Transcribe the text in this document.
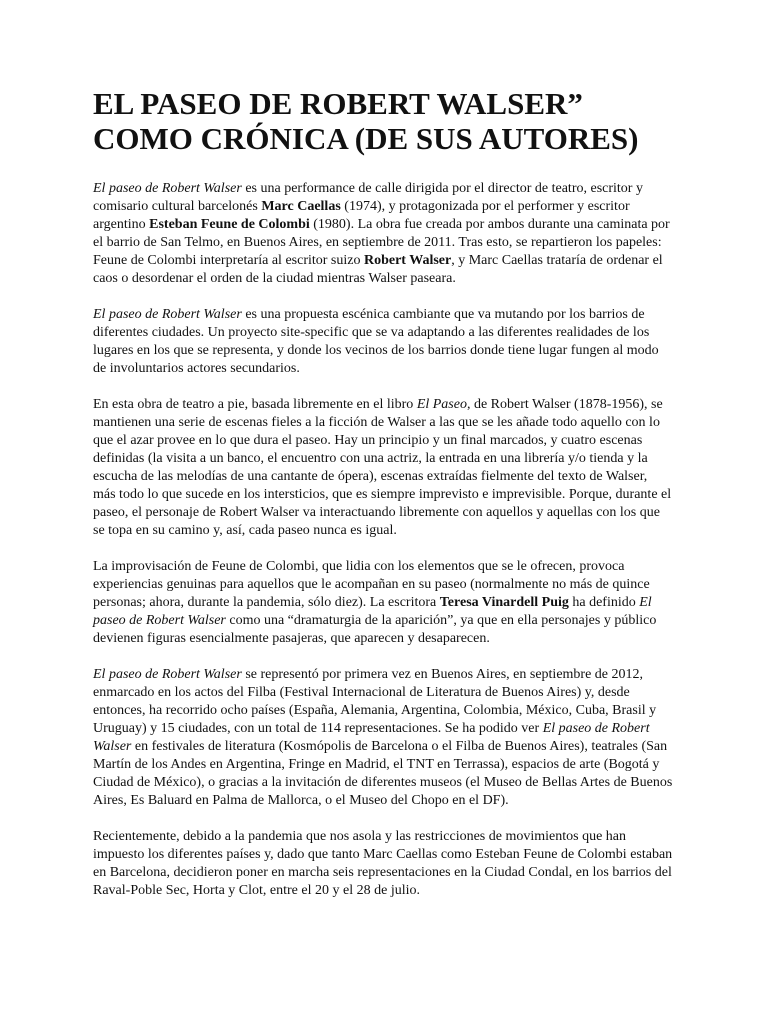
EL PASEO DE ROBERT WALSER”
COMO CRÓNICA (DE SUS AUTORES)

El paseo de Robert Walser es una performance de calle dirigida por el director de teatro, escritor y comisario cultural barcelonés Marc Caellas (1974), y protagonizada por el performer y escritor argentino Esteban Feune de Colombi (1980). La obra fue creada por ambos durante una caminata por el barrio de San Telmo, en Buenos Aires, en septiembre de 2011. Tras esto, se repartieron los papeles: Feune de Colombi interpretaría al escritor suizo Robert Walser, y Marc Caellas trataría de ordenar el caos o desordenar el orden de la ciudad mientras Walser paseara.

El paseo de Robert Walser es una propuesta escénica cambiante que va mutando por los barrios de diferentes ciudades. Un proyecto site-specific que se va adaptando a las diferentes realidades de los lugares en los que se representa, y donde los vecinos de los barrios donde tiene lugar fungen al modo de involuntarios actores secundarios.

En esta obra de teatro a pie, basada libremente en el libro El Paseo, de Robert Walser (1878-1956), se mantienen una serie de escenas fieles a la ficción de Walser a las que se les añade todo aquello con lo que el azar provee en lo que dura el paseo. Hay un principio y un final marcados, y cuatro escenas definidas (la visita a un banco, el encuentro con una actriz, la entrada en una librería y/o tienda y la escucha de las melodías de una cantante de ópera), escenas extraídas fielmente del texto de Walser, más todo lo que sucede en los intersticios, que es siempre imprevisto e imprevisible. Porque, durante el paseo, el personaje de Robert Walser va interactuando libremente con aquellos y aquellas con los que se topa en su camino y, así, cada paseo nunca es igual.

La improvisación de Feune de Colombi, que lidia con los elementos que se le ofrecen, provoca experiencias genuinas para aquellos que le acompañan en su paseo (normalmente no más de quince personas; ahora, durante la pandemia, sólo diez). La escritora Teresa Vinardell Puig ha definido El paseo de Robert Walser como una “dramaturgia de la aparición”, ya que en ella personajes y público devienen figuras esencialmente pasajeras, que aparecen y desaparecen.

El paseo de Robert Walser se representó por primera vez en Buenos Aires, en septiembre de 2012, enmarcado en los actos del Filba (Festival Internacional de Literatura de Buenos Aires) y, desde entonces, ha recorrido ocho países (España, Alemania, Argentina, Colombia, México, Cuba, Brasil y Uruguay) y 15 ciudades, con un total de 114 representaciones. Se ha podido ver El paseo de Robert Walser en festivales de literatura (Kosmópolis de Barcelona o el Filba de Buenos Aires), teatrales (San Martín de los Andes en Argentina, Fringe en Madrid, el TNT en Terrassa), espacios de arte (Bogotá y Ciudad de México), o gracias a la invitación de diferentes museos (el Museo de Bellas Artes de Buenos Aires, Es Baluard en Palma de Mallorca, o el Museo del Chopo en el DF).

Recientemente, debido a la pandemia que nos asola y las restricciones de movimientos que han impuesto los diferentes países y, dado que tanto Marc Caellas como Esteban Feune de Colombi estaban en Barcelona, decidieron poner en marcha seis representaciones en la Ciudad Condal, en los barrios del Raval-Poble Sec, Horta y Clot, entre el 20 y el 28 de julio.
